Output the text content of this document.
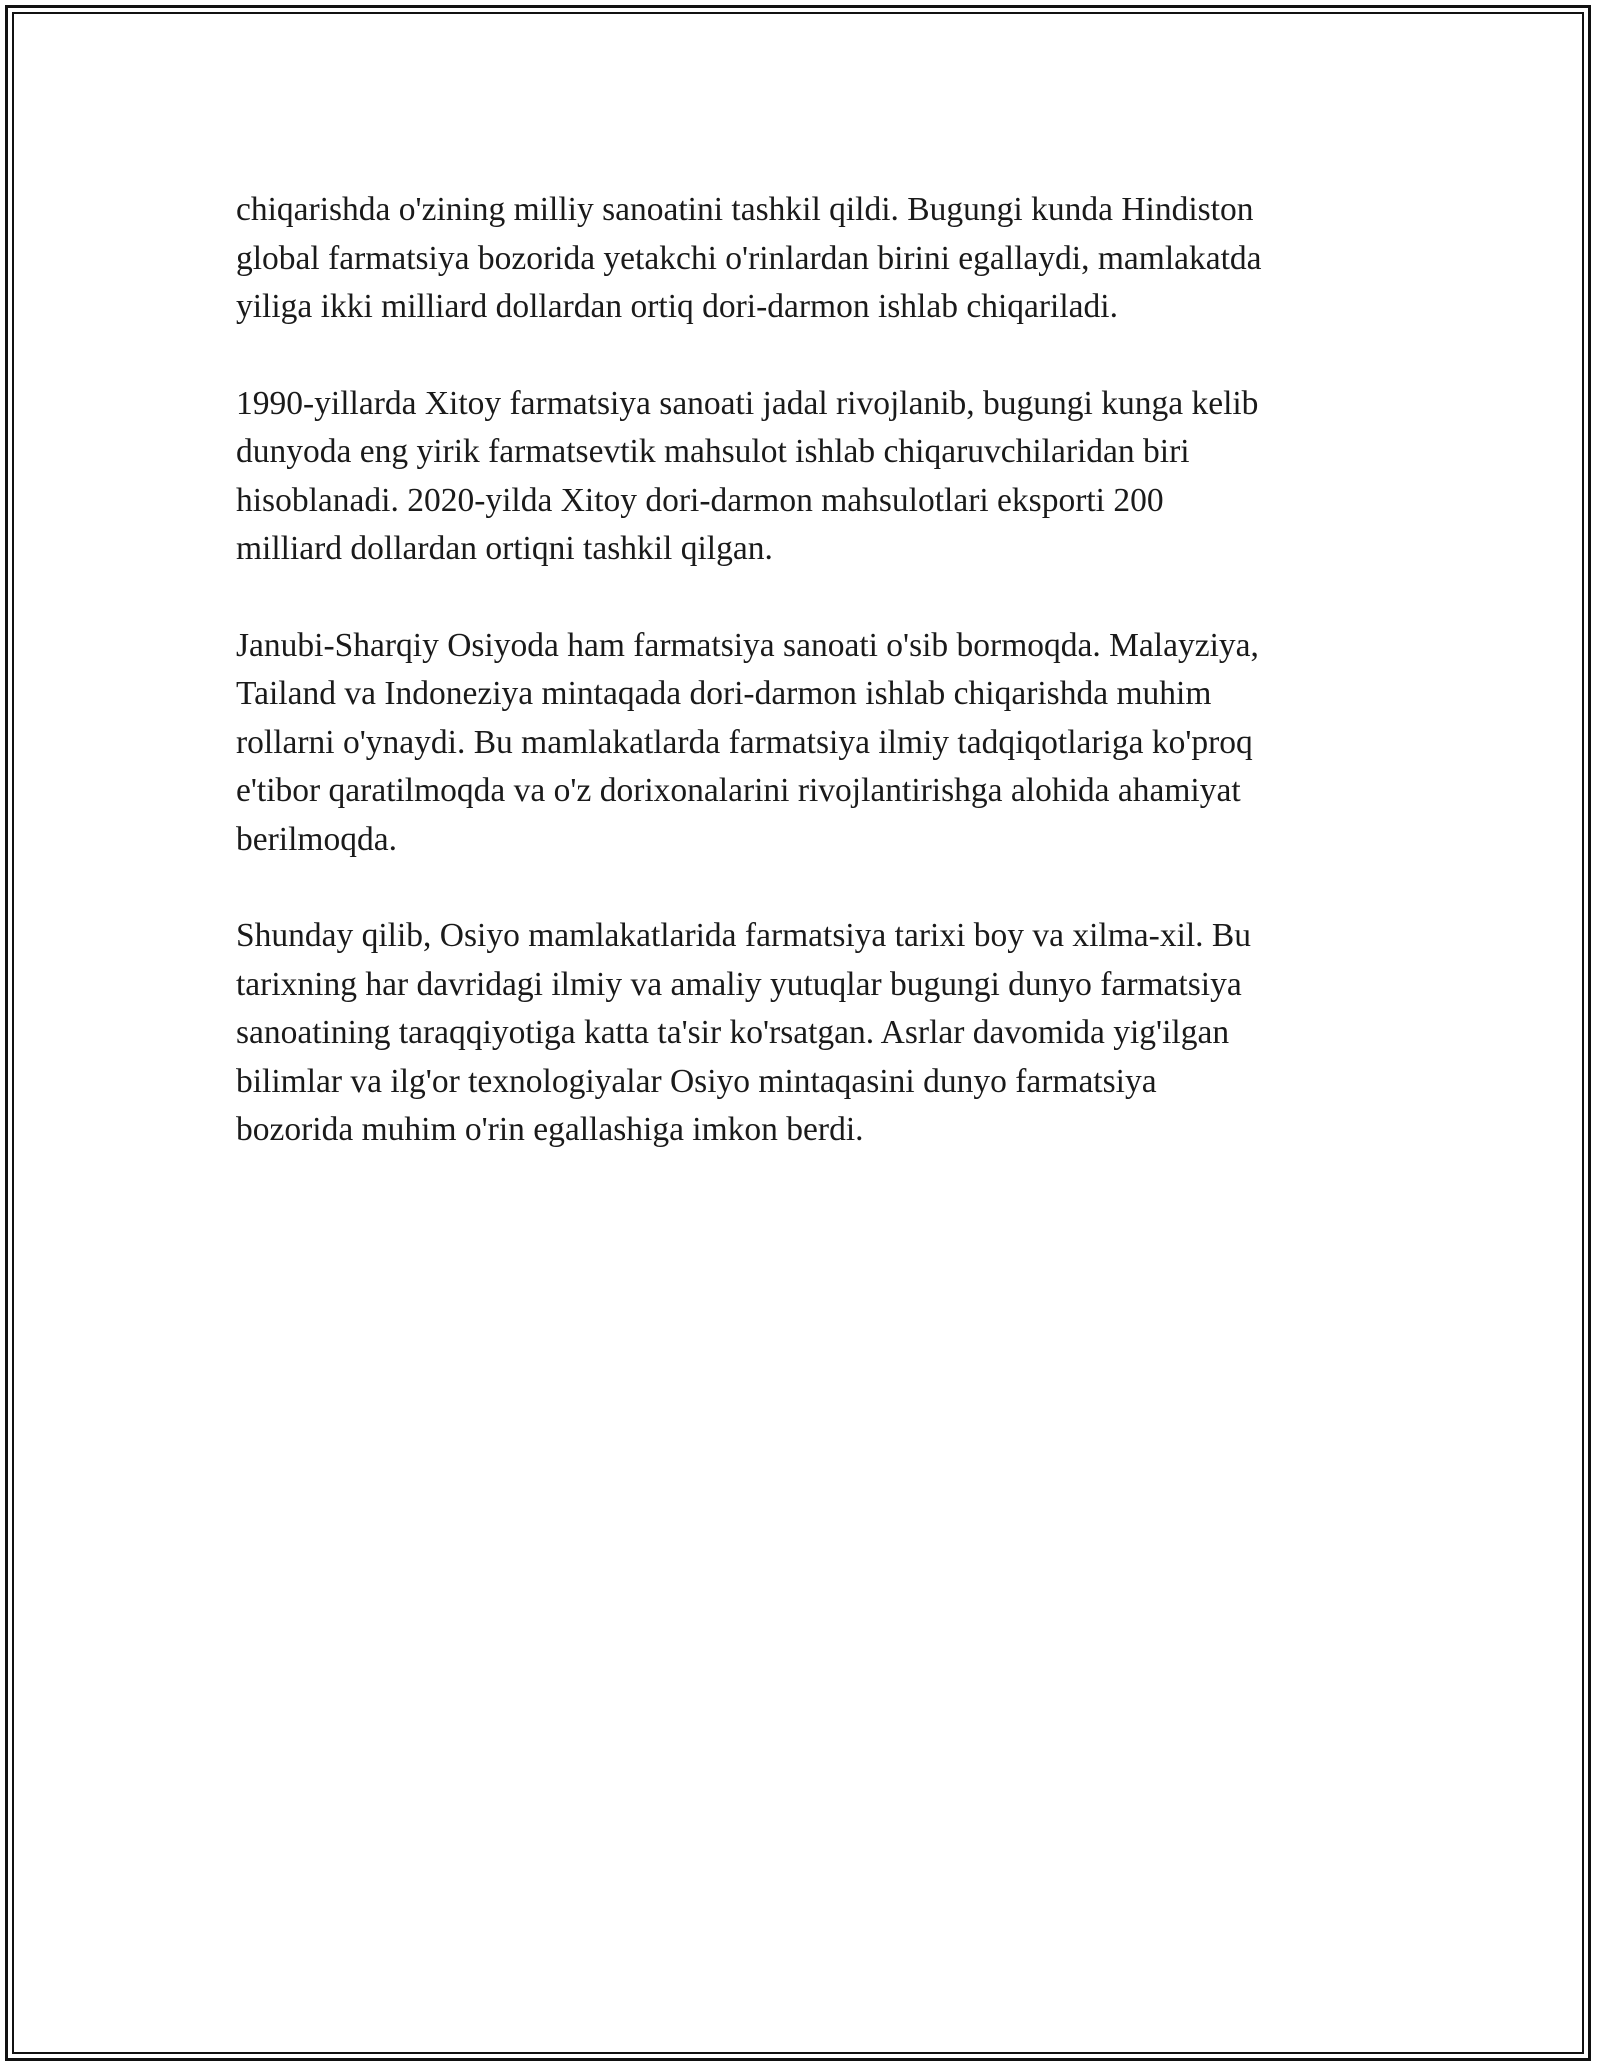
chiqarishda o'zining milliy sanoatini tashkil qildi. Bugungi kunda Hindiston
global farmatsiya bozorida yetakchi o'rinlardan birini egallaydi, mamlakatda
yiliga ikki milliard dollardan ortiq dori-darmon ishlab chiqariladi.

1990-yillarda Xitoy farmatsiya sanoati jadal rivojlanib, bugungi kunga kelib
dunyoda eng yirik farmatsevtik mahsulot ishlab chiqaruvchilaridan biri
hisoblanadi. 2020-yilda Xitoy dori-darmon mahsulotlari eksporti 200
milliard dollardan ortiqni tashkil qilgan.

Janubi-Sharqiy Osiyoda ham farmatsiya sanoati o'sib bormoqda. Malayziya,
Tailand va Indoneziya mintaqada dori-darmon ishlab chiqarishda muhim
rollarni o'ynaydi. Bu mamlakatlarda farmatsiya ilmiy tadqiqotlariga ko'proq
e'tibor qaratilmoqda va o'z dorixonalarini rivojlantirishga alohida ahamiyat
berilmoqda.

Shunday qilib, Osiyo mamlakatlarida farmatsiya tarixi boy va xilma-xil. Bu
tarixning har davridagi ilmiy va amaliy yutuqlar bugungi dunyo farmatsiya
sanoatining taraqqiyotiga katta ta'sir ko'rsatgan. Asrlar davomida yig'ilgan
bilimlar va ilg'or texnologiyalar Osiyo mintaqasini dunyo farmatsiya
bozorida muhim o'rin egallashiga imkon berdi.
